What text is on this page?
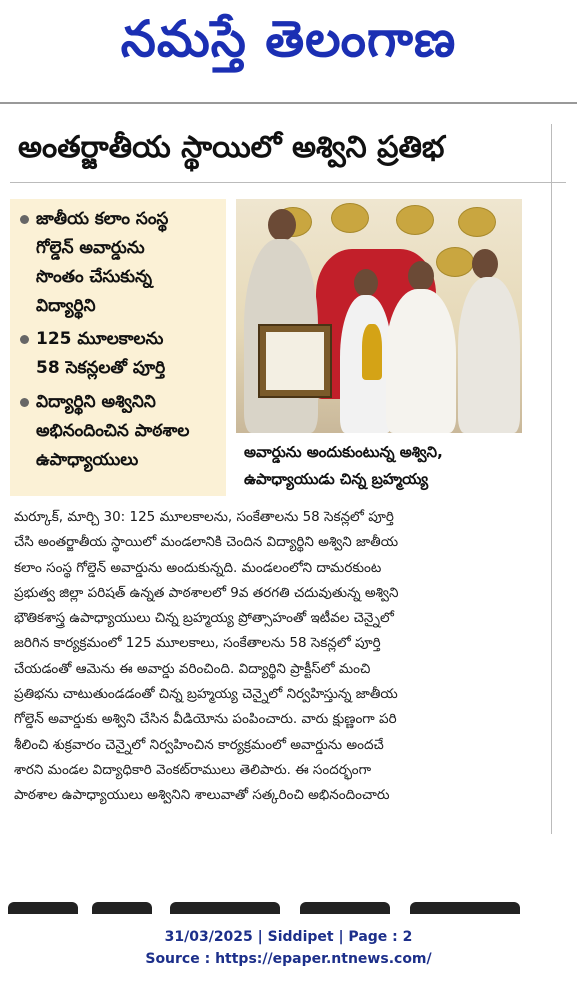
నమస్తే తెలంగాణ
అంతర్జాతీయ స్థాయిలో అశ్విని ప్రతిభ
జాతీయ కలాం సంస్థ
గోల్డెన్ అవార్డును
సొంతం చేసుకున్న
విద్యార్థిని
125 మూలకాలను
58 సెకన్లలతో పూర్తి
విద్యార్థిని అశ్వినిని
అభినందించిన పాఠశాల
ఉపాధ్యాయులు	అవార్డును అందుకుంటున్న అశ్విని,
ఉపాధ్యాయుడు చిన్న బ్రహ్మయ్య
మర్కూక్, మార్చి 30: 125 మూలకాలను, సంకేతాలను 58 సెకన్లలో పూర్తి
చేసి అంతర్జాతీయ స్థాయిలో మండలానికి చెందిన విద్యార్థిని అశ్విని జాతీయ
కలాం సంస్థ గోల్డెన్ అవార్డును అందుకున్నది. మండలంలోని దామరకుంట
ప్రభుత్వ జిల్లా పరిషత్ ఉన్నత పాఠశాలలో 9వ తరగతి చదువుతున్న అశ్విని
భౌతికశాస్త్ర ఉపాధ్యాయులు చిన్న బ్రహ్మయ్య ప్రోత్సాహంతో ఇటీవల చెన్నైలో
జరిగిన కార్యక్రమంలో 125 మూలకాలు, సంకేతాలను 58 సెకన్లలో పూర్తి
చేయడంతో ఆమెను ఈ అవార్డు వరించింది. విద్యార్థిని ప్రాక్టీస్‌లో మంచి
ప్రతిభను చాటుతుండడంతో చిన్న బ్రహ్మయ్య చెన్నైలో నిర్వహిస్తున్న జాతీయ
గోల్డెన్ అవార్డుకు అశ్విని చేసిన వీడియోను పంపించారు. వారు క్షుణ్ణంగా పరి
శీలించి శుక్రవారం చెన్నైలో నిర్వహించిన కార్యక్రమంలో అవార్డును అందచే
శారని మండల విద్యాధికారి వెంకట్‌రాములు తెలిపారు. ఈ సందర్భంగా
పాఠశాల ఉపాధ్యాయులు అశ్వినిని శాలువాతో సత్కరించి అభినందించారు
31/03/2025 | Siddipet | Page : 2
Source : https://epaper.ntnews.com/
